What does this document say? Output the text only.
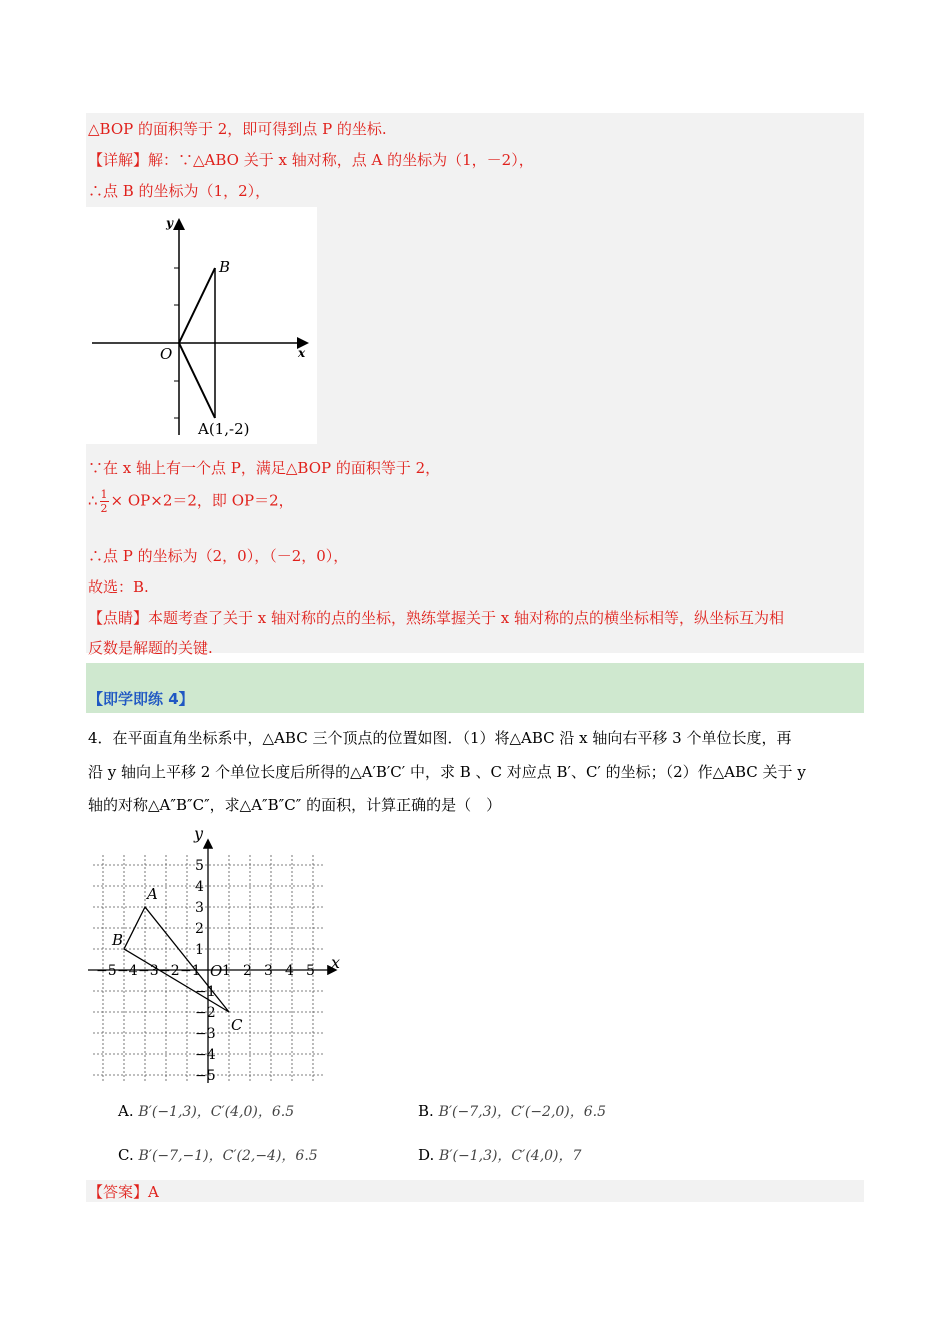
△BOP 的面积等于 2，即可得到点 P 的坐标.
【详解】解：∵△ABO 关于 x 轴对称，点 A 的坐标为（1，－2），
∴点 B 的坐标为（1，2），
y
x
O
B
A(1,-2)
∵在 x 轴上有一个点 P，满足△BOP 的面积等于 2，
∴ $\frac{1}{2} \times OP\times 2=2$，即 OP＝2，
∴点 P 的坐标为（2，0），（－2，0），
故选：B.
【点睛】本题考查了关于 x 轴对称的点的坐标，熟练掌握关于 x 轴对称的点的横坐标相等，纵坐标互为相
反数是解题的关键.
【即学即练 4】
4．在平面直角坐标系中，△ABC 三个顶点的位置如图．（1）将△ABC 沿 x 轴向右平移 3 个单位长度，再
沿 y 轴向上平移 2 个单位长度后所得的△A′B′C′ 中，求 B 、C 对应点 B′、C′ 的坐标；（2）作△ABC 关于 y
轴的对称△A″B″C″，求△A″B″C″ 的面积，计算正确的是（　）
−5 −4 −3 −2 −1 1 2 3 4 5
5
4
3
2
1
−1
−2
−3
−4
−5
A
B
C
y
x
O
A. B′(−1,3)，C′(4,0)，6.5	B. B′(−7,3)，C′(−2,0)，6.5
C. B′(−7,−1)，C′(2,−4)，6.5	D. B′(−1,3)，C′(4,0)，7
【答案】A
